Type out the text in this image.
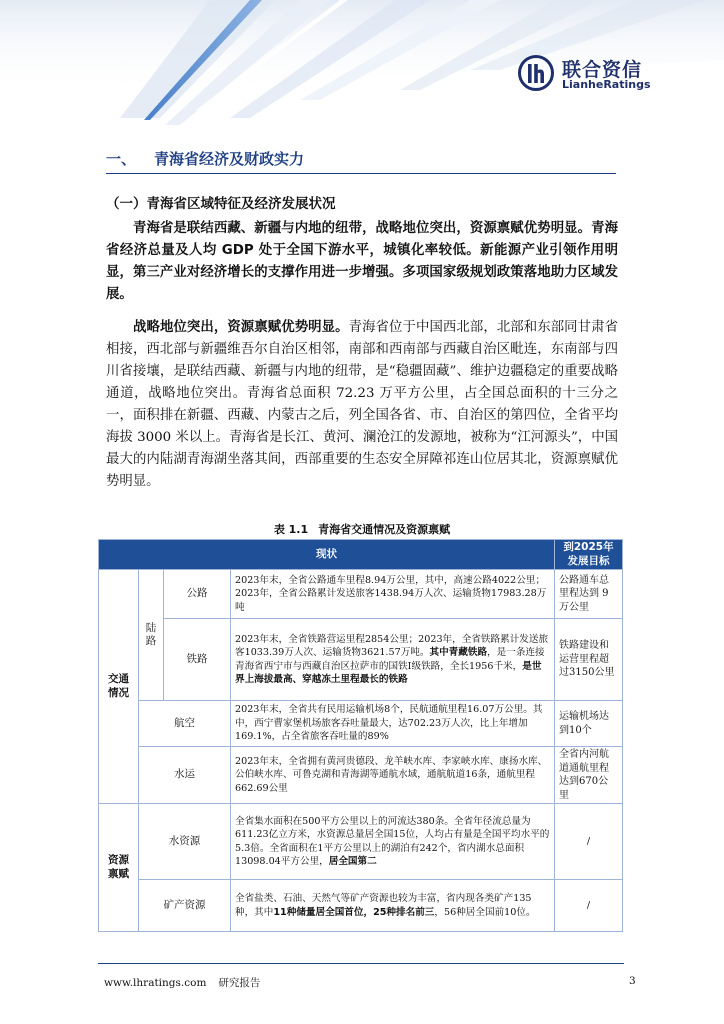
联合资信
LianheRatings
一、 青海省经济及财政实力
（一）青海省区域特征及经济发展状况

青海省是联结西藏、新疆与内地的纽带，战略地位突出，资源禀赋优势明显。青海省经济总量及人均 GDP 处于全国下游水平，城镇化率较低。新能源产业引领作用明显，第三产业对经济增长的支撑作用进一步增强。多项国家级规划政策落地助力区域发展。

战略地位突出，资源禀赋优势明显。青海省位于中国西北部，北部和东部同甘肃省相接，西北部与新疆维吾尔自治区相邻，南部和西南部与西藏自治区毗连，东南部与四川省接壤，是联结西藏、新疆与内地的纽带，是“稳疆固藏”、维护边疆稳定的重要战略通道，战略地位突出。青海省总面积 72.23 万平方公里，占全国总面积的十三分之一，面积排在新疆、西藏、内蒙古之后，列全国各省、市、自治区的第四位，全省平均海拔 3000 米以上。青海省是长江、黄河、澜沧江的发源地，被称为“江河源头”，中国最大的内陆湖青海湖坐落其间，西部重要的生态安全屏障祁连山位居其北，资源禀赋优势明显。

表 1.1 青海省交通情况及资源禀赋
现状				到2025年发展目标
交通情况	陆路	公路	2023年末，全省公路通车里程8.94万公里，其中，高速公路4022公里；2023年，全省公路累计发送旅客1438.94万人次、运输货物17983.28万吨	公路通车总里程达到 9 万公里
		铁路	2023年末，全省铁路营运里程2854公里；2023年，全省铁路累计发送旅客1033.39万人次、运输货物3621.57万吨。其中青藏铁路，是一条连接青海省西宁市与西藏自治区拉萨市的国铁Ⅰ级铁路，全长1956千米，是世界上海拔最高、穿越冻土里程最长的铁路	铁路建设和运营里程超过3150公里
	航空		2023年末，全省共有民用运输机场8个，民航通航里程16.07万公里。其中，西宁曹家堡机场旅客吞吐量最大，达702.23万人次，比上年增加169.1%，占全省旅客吞吐量的89%	运输机场达到10个
	水运		2023年末，全省拥有黄河贵德段、龙羊峡水库、李家峡水库、康扬水库、公伯峡水库、可鲁克湖和青海湖等通航水域，通航航道16条，通航里程662.69公里	全省内河航道通航里程达到670公里
资源禀赋	水资源		全省集水面积在500平方公里以上的河流达380条。全省年径流总量为611.23亿立方米，水资源总量居全国15位，人均占有量是全国平均水平的5.3倍。全省面积在1平方公里以上的湖泊有242个，省内湖水总面积13098.04平方公里，居全国第二	/
	矿产资源		全省盐类、石油、天然气等矿产资源也较为丰富，省内现各类矿产135种，其中11种储量居全国首位，25种排名前三，56种居全国前10位。	/
www.lhratings.com 研究报告	3
